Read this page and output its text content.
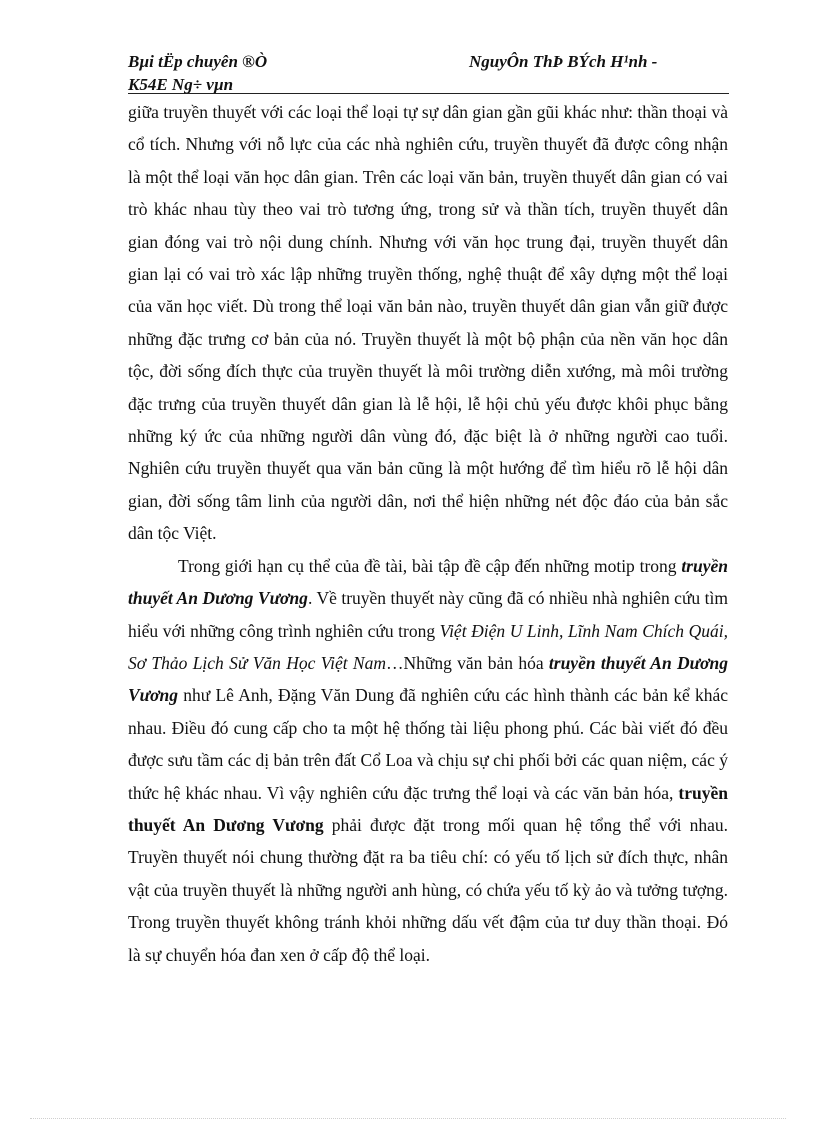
Bµi tËp chuyên ®Ò	NguyÔn ThÞ BÝch H¹nh -
K54E Ng÷ vµn

giữa truyền thuyết với các loại thể loại tự sự dân gian gần gũi khác như: thần thoại và cổ tích. Nhưng với nỗ lực của các nhà nghiên cứu, truyền thuyết đã được công nhận là một thể loại văn học dân gian. Trên các loại văn bản, truyền thuyết dân gian có vai trò khác nhau tùy theo vai trò tương ứng, trong sử và thần tích, truyền thuyết dân gian đóng vai trò nội dung chính. Nhưng với văn học trung đại, truyền thuyết dân gian lại có vai trò xác lập những truyền thống, nghệ thuật để xây dựng một thể loại của văn học viết. Dù trong thể loại văn bản nào, truyền thuyết dân gian vẫn giữ được những đặc trưng cơ bản của nó. Truyền thuyết là một bộ phận của nền văn học dân tộc, đời sống đích thực của truyền thuyết là môi trường diễn xướng, mà môi trường đặc trưng của truyền thuyết dân gian là lễ hội, lễ hội chủ yếu được khôi phục bằng những ký ức của những người dân vùng đó, đặc biệt là ở những người cao tuổi. Nghiên cứu truyền thuyết qua văn bản cũng là một hướng để tìm hiểu rõ lễ hội dân gian, đời sống tâm linh của người dân, nơi thể hiện những nét độc đáo của bản sắc dân tộc Việt.

Trong giới hạn cụ thể của đề tài, bài tập đề cập đến những motip trong truyền thuyết An Dương Vương. Về truyền thuyết này cũng đã có nhiều nhà nghiên cứu tìm hiểu với những công trình nghiên cứu trong Việt Điện U Linh, Lĩnh Nam Chích Quái, Sơ Thảo Lịch Sử Văn Học Việt Nam…Những văn bản hóa truyền thuyết An Dương Vương như Lê Anh, Đặng Văn Dung đã nghiên cứu các hình thành các bản kể khác nhau. Điều đó cung cấp cho ta một hệ thống tài liệu phong phú. Các bài viết đó đều được sưu tầm các dị bản trên đất Cổ Loa và chịu sự chi phối bởi các quan niệm, các ý thức hệ khác nhau. Vì vậy nghiên cứu đặc trưng thể loại và các văn bản hóa, truyền thuyết An Dương Vương phải được đặt trong mối quan hệ tổng thể với nhau. Truyền thuyết nói chung thường đặt ra ba tiêu chí: có yếu tố lịch sử đích thực, nhân vật của truyền thuyết là những người anh hùng, có chứa yếu tố kỳ ảo và tưởng tượng. Trong truyền thuyết không tránh khỏi những dấu vết đậm của tư duy thần thoại. Đó là sự chuyển hóa đan xen ở cấp độ thể loại.
